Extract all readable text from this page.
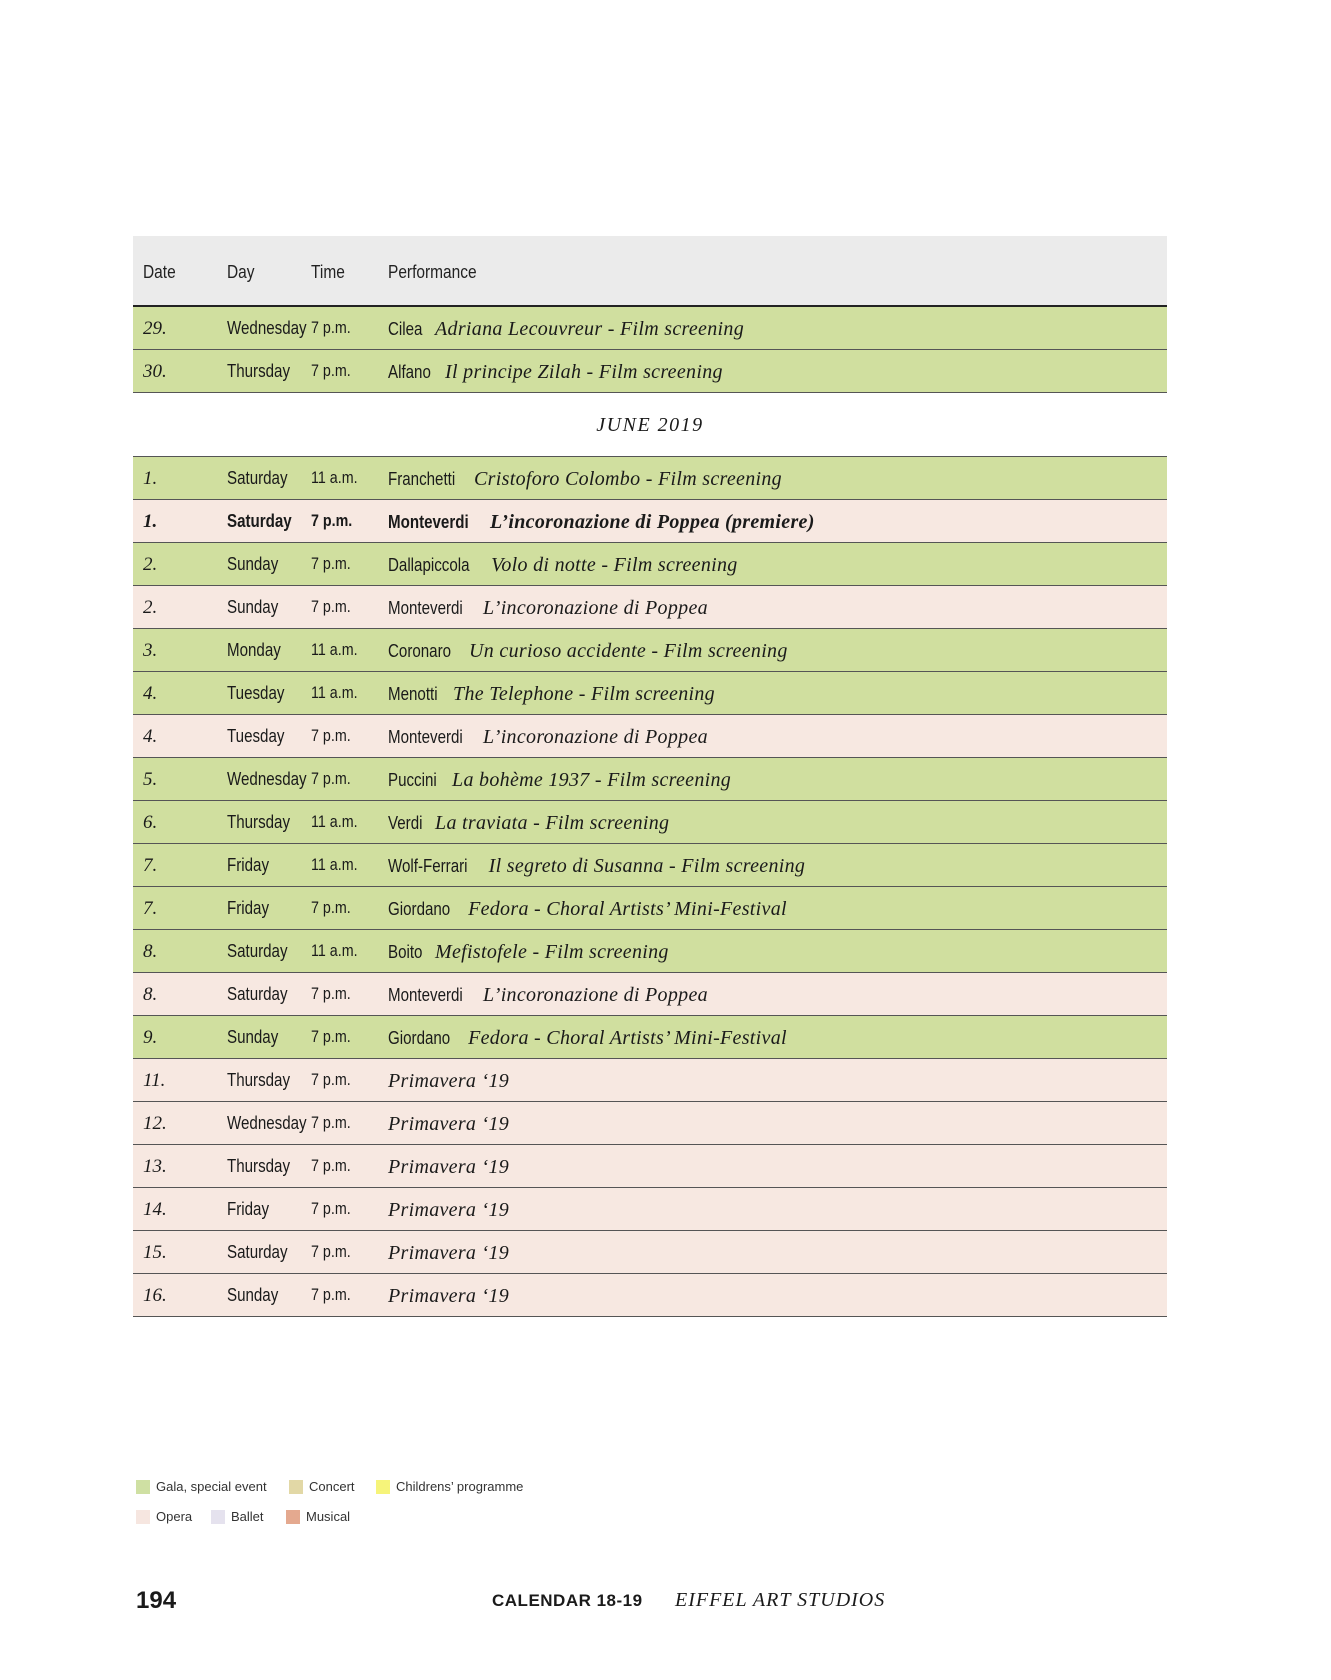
Date	Day	Time Performance
29.	Wednesday 7 p.m. Cilea  Adriana Lecouvreur - Film screening
30.	Thursday 7 p.m. Alfano  Il principe Zilah - Film screening
JUNE 2019
1.	Saturday 11 a.m. Franchetti  Cristoforo Colombo - Film screening
1.	Saturday 7 p.m. Monteverdi  L’incoronazione di Poppea (premiere)
2.	Sunday 7 p.m. Dallapiccola  Volo di notte - Film screening
2.	Sunday 7 p.m. Monteverdi  L’incoronazione di Poppea
3.	Monday 11 a.m. Coronaro  Un curioso accidente - Film screening
4.	Tuesday 11 a.m. Menotti  The Telephone - Film screening
4.	Tuesday 7 p.m. Monteverdi  L’incoronazione di Poppea
5.	Wednesday 7 p.m. Puccini  La bohème 1937 - Film screening
6.	Thursday 11 a.m. Verdi  La traviata - Film screening
7.	Friday 11 a.m. Wolf-Ferrari  Il segreto di Susanna - Film screening
7.	Friday 7 p.m. Giordano  Fedora - Choral Artists’ Mini-Festival
8.	Saturday 11 a.m. Boito  Mefistofele - Film screening
8.	Saturday 7 p.m. Monteverdi  L’incoronazione di Poppea
9.	Sunday 7 p.m. Giordano  Fedora - Choral Artists’ Mini-Festival
11.	Thursday 7 p.m. Primavera ‘19
12.	Wednesday 7 p.m. Primavera ‘19
13.	Thursday 7 p.m. Primavera ‘19
14.	Friday 7 p.m. Primavera ‘19
15.	Saturday 7 p.m. Primavera ‘19
16.	Sunday 7 p.m. Primavera ‘19
Gala, special event	Concert	Childrens’ programme
Opera	Ballet	Musical
194	CALENDAR 18-19 EIFFEL ART STUDIOS
